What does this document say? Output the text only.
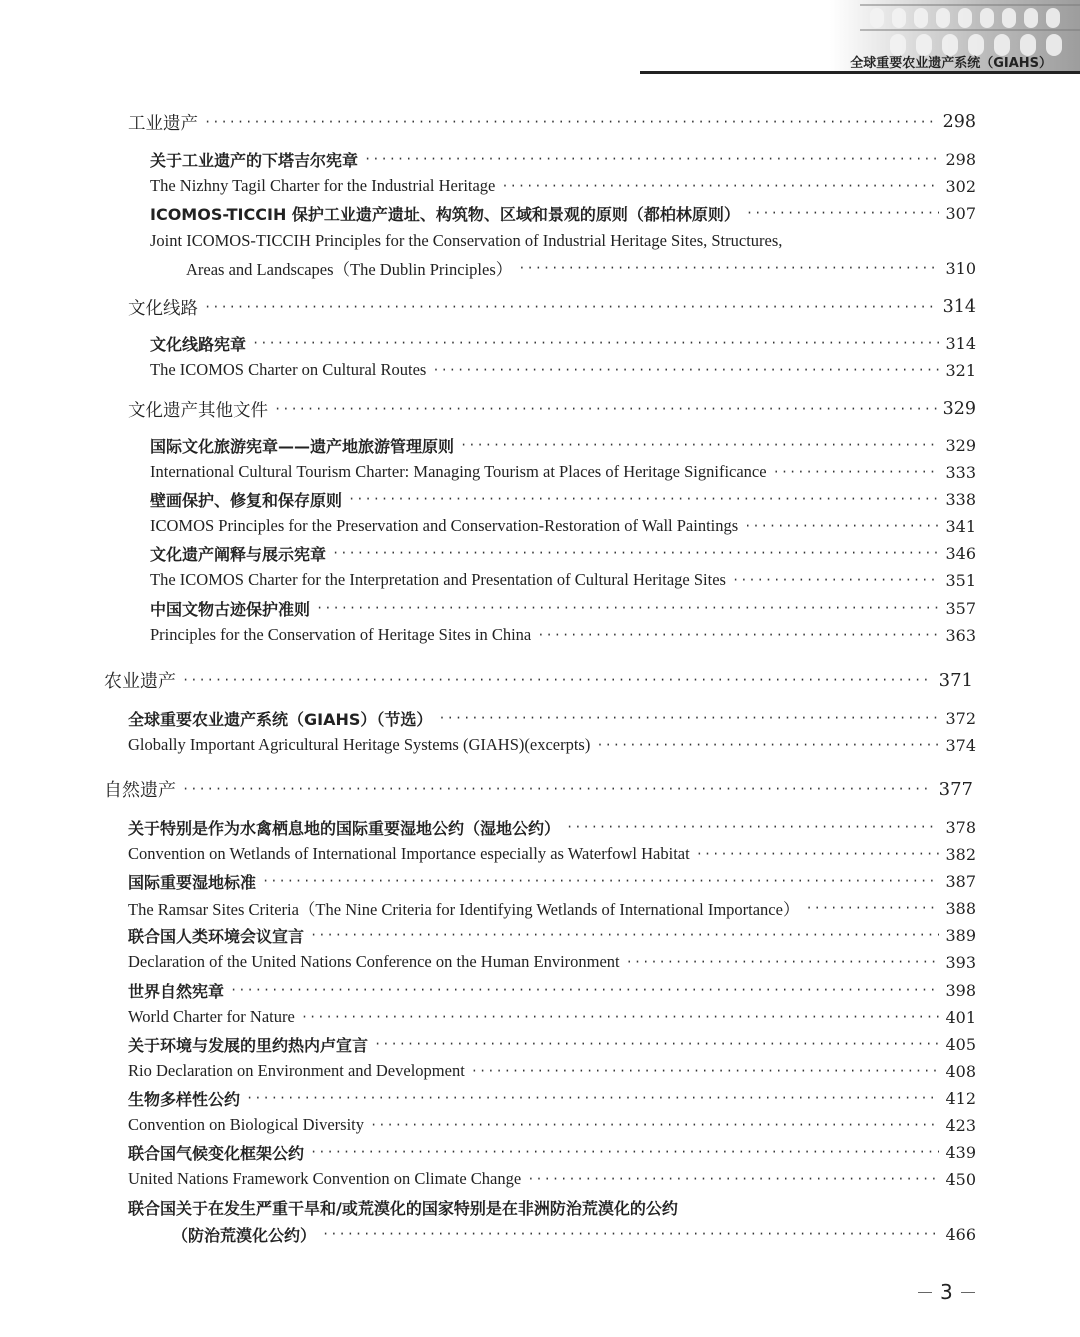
全球重要农业遗产系统（GIAHS）
工业遗产 ·····	298
关于工业遗产的下塔吉尔宪章 ·····	298
The Nizhny Tagil Charter for the Industrial Heritage ·····	302
ICOMOS-TICCIH 保护工业遗产遗址、构筑物、区域和景观的原则（都柏林原则） ·····	307
Joint ICOMOS-TICCIH Principles for the Conservation of Industrial Heritage Sites, Structures,
Areas and Landscapes（The Dublin Principles） ·····	310
文化线路 ·····	314
文化线路宪章 ·····	314
The ICOMOS Charter on Cultural Routes ·····	321
文化遗产其他文件 ·····	329
国际文化旅游宪章——遗产地旅游管理原则 ·····	329
International Cultural Tourism Charter: Managing Tourism at Places of Heritage Significance ·····	333
壁画保护、修复和保存原则 ·····	338
ICOMOS Principles for the Preservation and Conservation-Restoration of Wall Paintings ·····	341
文化遗产阐释与展示宪章 ·····	346
The ICOMOS Charter for the Interpretation and Presentation of Cultural Heritage Sites ·····	351
中国文物古迹保护准则 ·····	357
Principles for the Conservation of Heritage Sites in China ·····	363
农业遗产 ·····	371
全球重要农业遗产系统（GIAHS）（节选） ·····	372
Globally Important Agricultural Heritage Systems (GIAHS)(excerpts) ·····	374
自然遗产 ·····	377
关于特别是作为水禽栖息地的国际重要湿地公约（湿地公约） ·····	378
Convention on Wetlands of International Importance especially as Waterfowl Habitat ·····	382
国际重要湿地标准 ·····	387
The Ramsar Sites Criteria（The Nine Criteria for Identifying Wetlands of International Importance） ·····	388
联合国人类环境会议宣言 ·····	389
Declaration of the United Nations Conference on the Human Environment ·····	393
世界自然宪章 ·····	398
World Charter for Nature ·····	401
关于环境与发展的里约热内卢宣言 ·····	405
Rio Declaration on Environment and Development ·····	408
生物多样性公约 ·····	412
Convention on Biological Diversity ·····	423
联合国气候变化框架公约 ·····	439
United Nations Framework Convention on Climate Change ·····	450
联合国关于在发生严重干旱和/或荒漠化的国家特别是在非洲防治荒漠化的公约
（防治荒漠化公约） ·····	466
3
